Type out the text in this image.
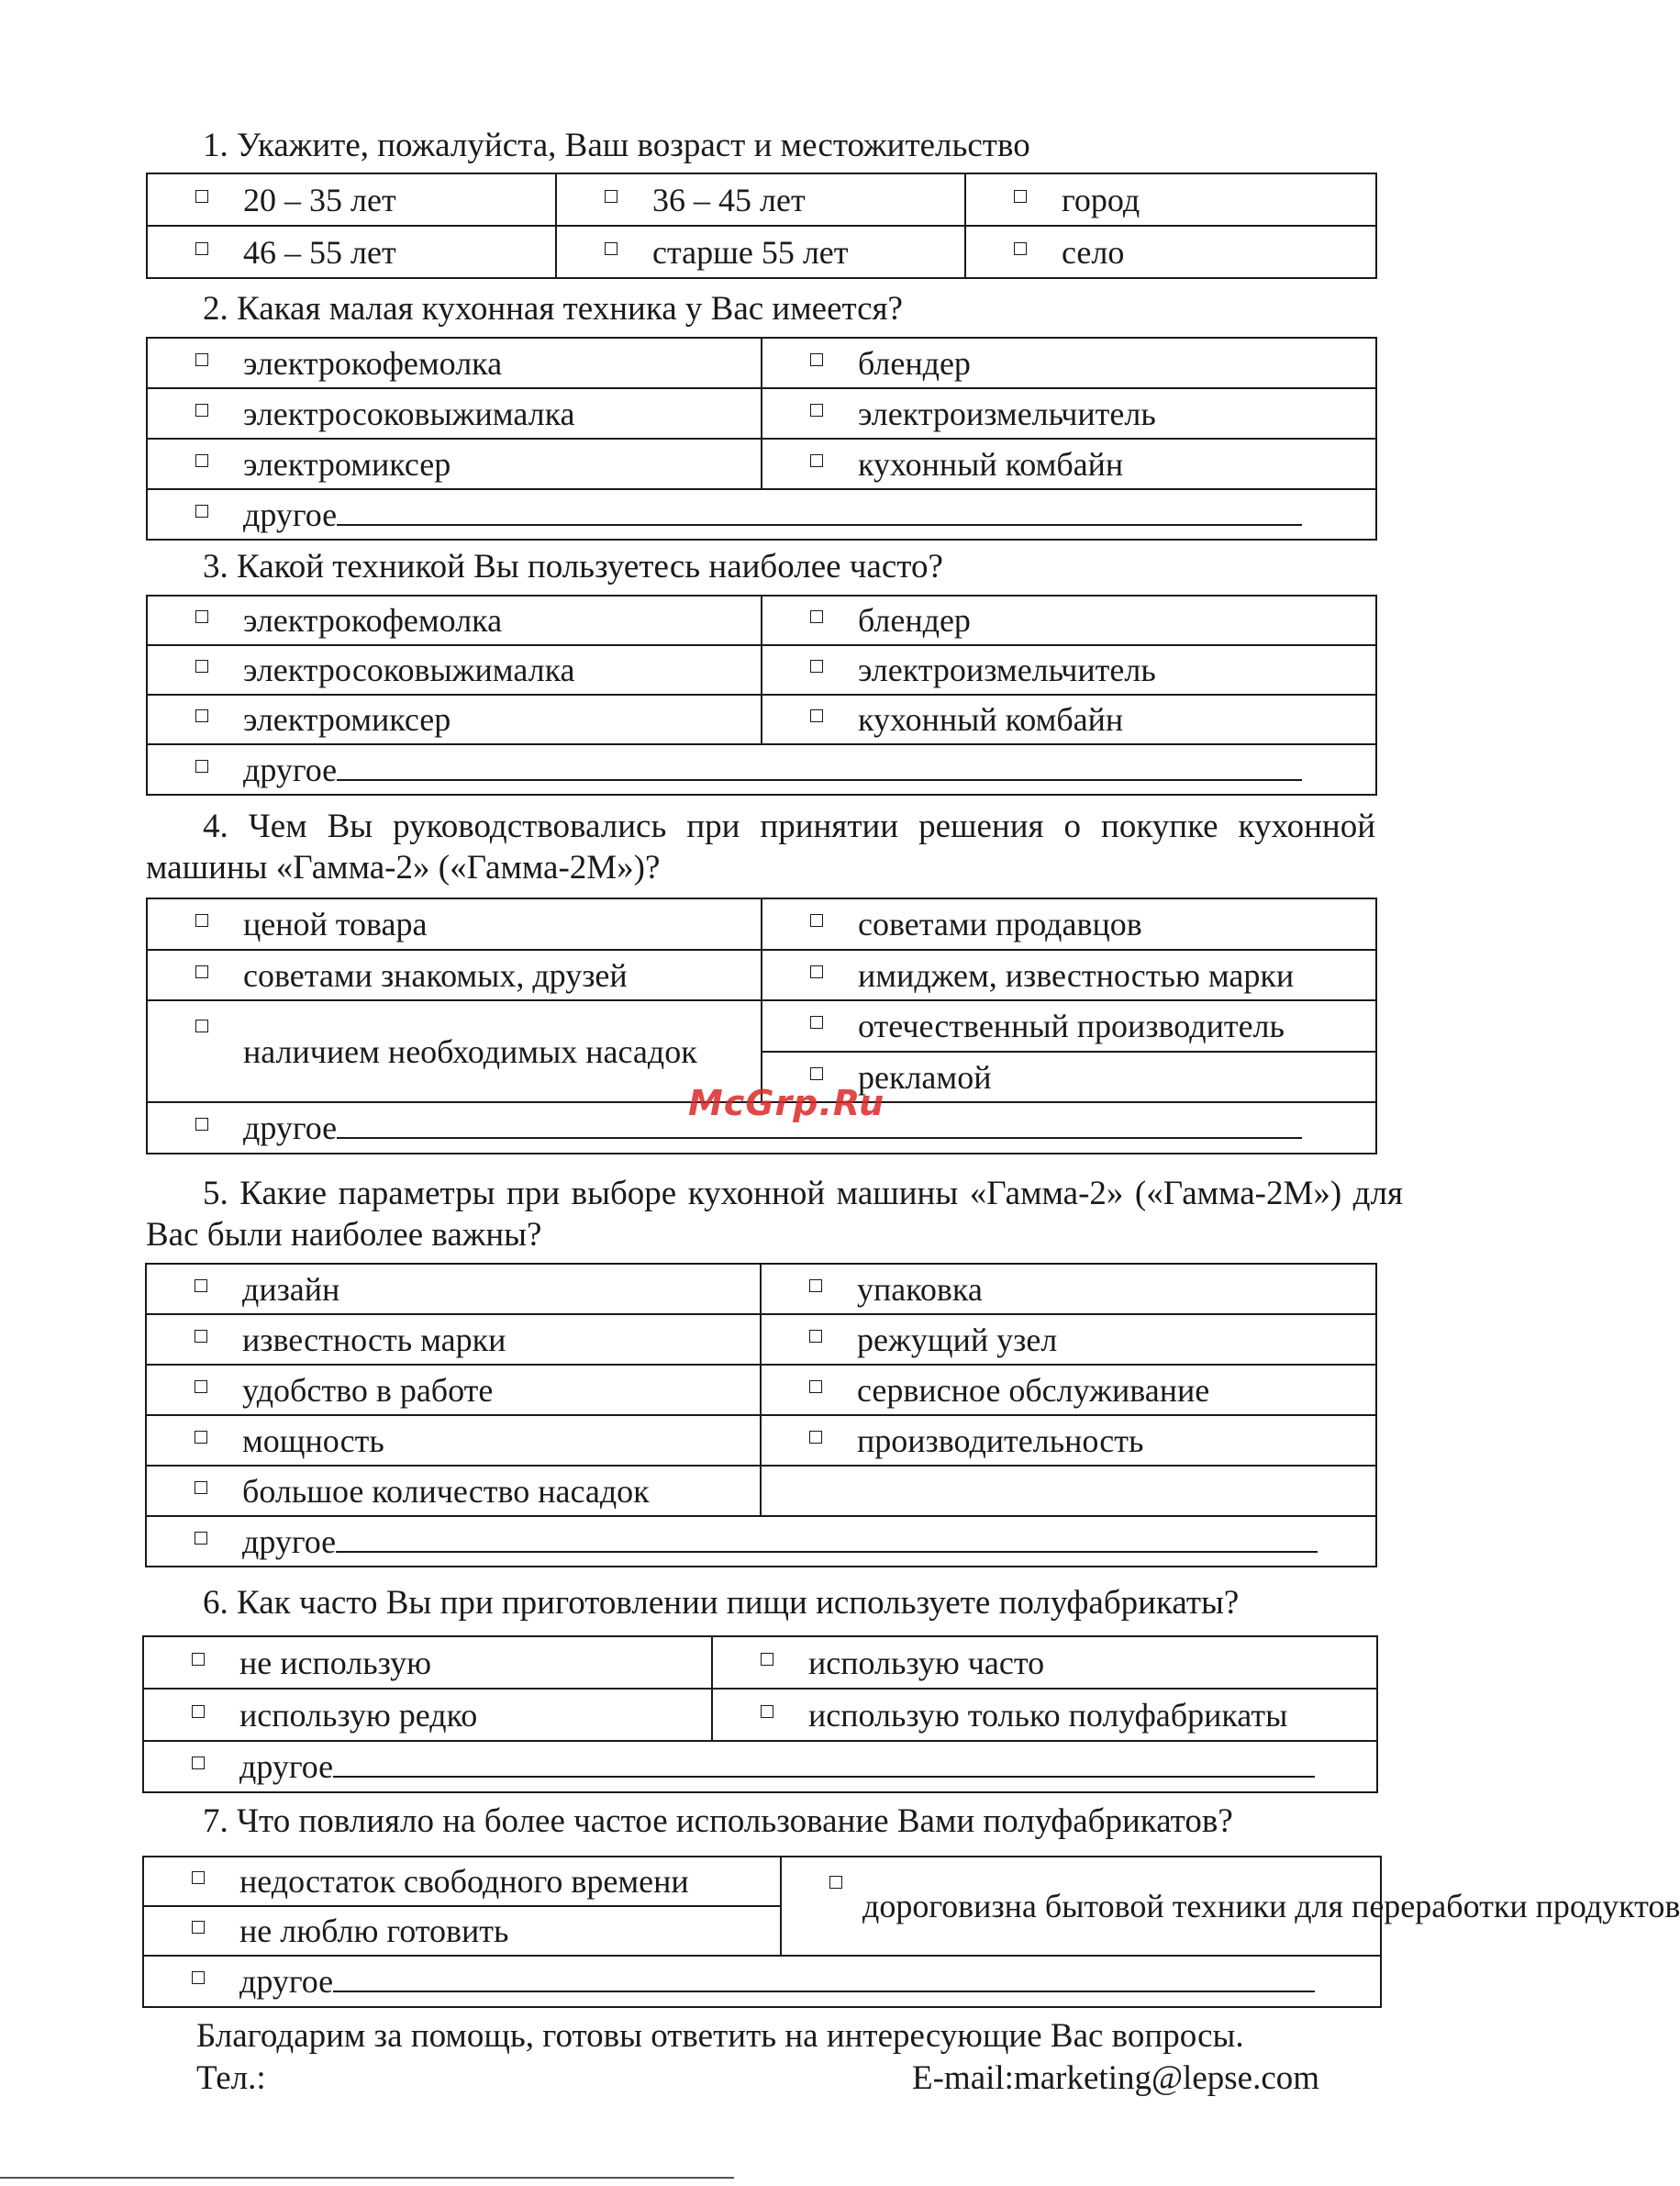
1. Укажите, пожалуйста, Ваш возраст и местожительство
20 – 35 лет	36 – 45 лет	город

46 – 55 лет	старше 55 лет	село
2. Какая малая кухонная техника у Вас имеется?
электрокофемолка	блендер

электросоковыжималка	электроизмельчитель

электромиксер	кухонный комбайн

другое	
3. Какой техникой Вы пользуетесь наиболее часто?
электрокофемолка	блендер

электросоковыжималка	электроизмельчитель

электромиксер	кухонный комбайн

другое	
4. Чем Вы руководствовались при принятии решения о покупке кухонной машины «Гамма-2» («Гамма-2М»)?
ценой товара	советами продавцов

советами знакомых, друзей	имиджем, известностью марки

наличием необходимых насадок	отечественный производитель

рекламой

другое	
5. Какие параметры при выборе кухонной машины «Гамма-2» («Гамма-2М») для Вас были наиболее важны?
дизайн	упаковка

известность марки	режущий узел

удобство в работе	сервисное обслуживание

мощность	производительность

большое количество насадок	

другое	
6. Как часто Вы при приготовлении пищи используете полуфабрикаты?
не использую	использую часто

использую редко	использую только полуфабрикаты

другое	
7. Что повлияло на более частое использование Вами полуфабрикатов?
недостаток свободного времени	
дороговизна бытовой техники для переработки продуктов

не люблю готовить

другое
Благодарим за помощь, готовы ответить на интересующие Вас вопросы.
Тел.:	E-mail:marketing@lepse.com
McGrp.Ru
